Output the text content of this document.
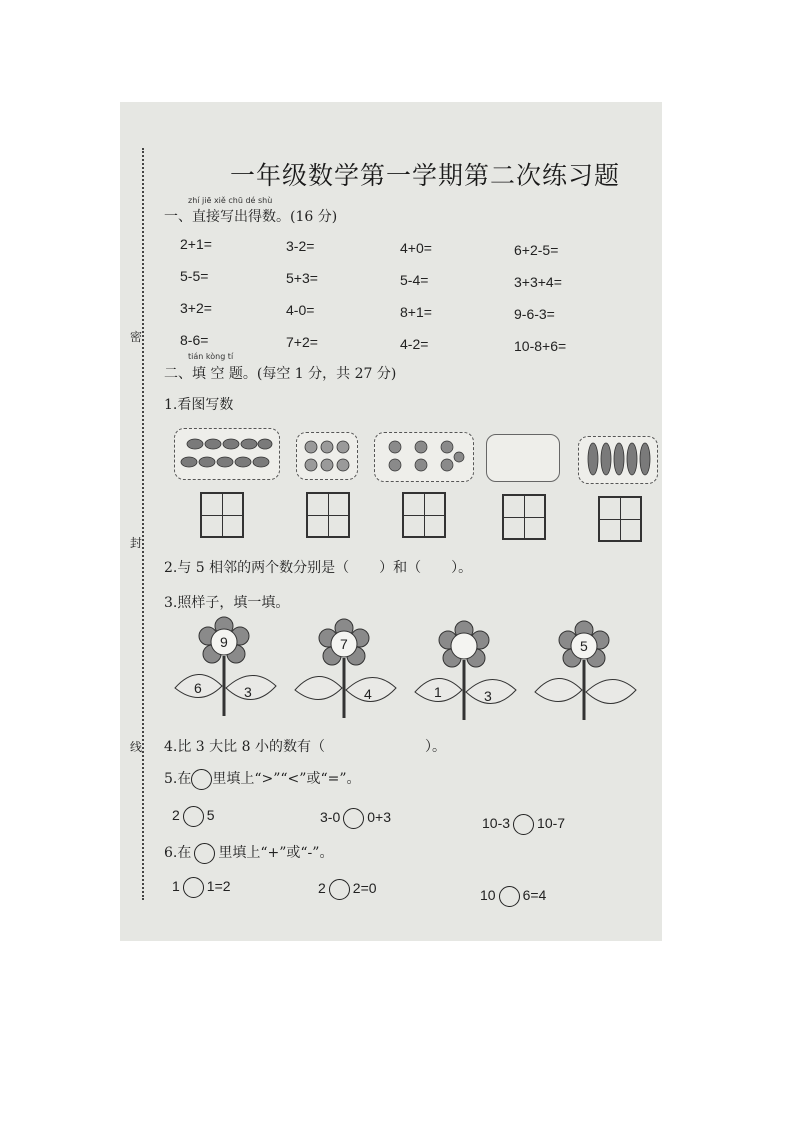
密
封
线
一年级数学第一学期第二次练习题
zhí jiē xiě chū dé shù
一、直接写出得数。(16 分)
2+1=	3-2=	4+0=	6+2-5=
5-5=	5+3=	5-4=	3+3+4=
3+2=	4-0=	8+1=	9-6-3=
8-6=	7+2=	4-2=	10-8+6=
tián kòng tí
二、填 空 题。(每空 1 分，共 27 分)
1.看图写数
2.与 5 相邻的两个数分别是（ ）和（ ）。
3.照样子，填一填。
9
6	3
7
4	1	3
5
4.比 3 大比 8 小的数有（	）。
5.在 里填上“>”“<”或“=”。
2 5	3-0 0+3	10-3 10-7
6.在 里填上“+”或“-”。
1 1=2	2 2=0	10 6=4
